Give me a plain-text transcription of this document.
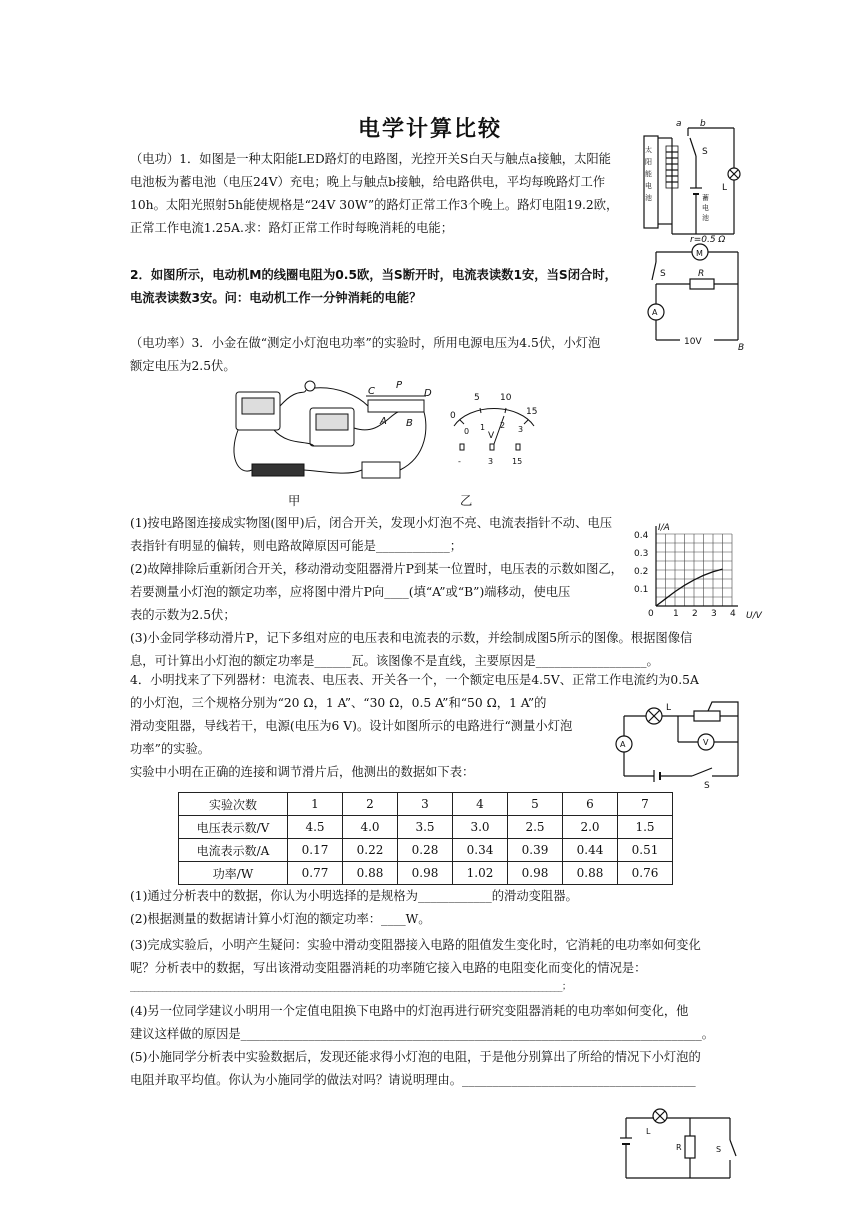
电学计算比较
（电功）1．如图是一种太阳能LED路灯的电路图，光控开关S白天与触点a接触，太阳能
电池板为蓄电池（电压24V）充电；晚上与触点b接触，给电路供电，平均每晚路灯工作
10h。太阳光照射5h能使规格是“24V 30W”的路灯正常工作3个晚上。路灯电阻19.2欧，
正常工作电流1.25A.求：路灯正常工作时每晚消耗的电能；
太
阳
能
电
池	蓄
电
池
a b
S
L
2．如图所示，电动机M的线圈电阻为0.5欧，当S断开时，电流表读数1安，当S闭合时，
电流表读数3安。问：电动机工作一分钟消耗的电能？
r=0.5 Ω
M
S	R
A
10V
B
（电功率）3．小金在做“测定小灯泡电功率”的实验时，所用电源电压为4.5伏，小灯泡
额定电压为2.5伏。
C
P
D
A B
甲
0
5 10
15
0 1 2 3
V
-	3 15
乙
(1)按电路图连接成实物图(图甲)后，闭合开关，发现小灯泡不亮、电流表指针不动、电压
表指针有明显的偏转，则电路故障原因可能是____________；
(2)故障排除后重新闭合开关，移动滑动变阻器滑片P到某一位置时，电压表的示数如图乙，
若要测量小灯泡的额定功率，应将图中滑片P向____(填“A”或“B”)端移动，使电压
表的示数为2.5伏；
(3)小金同学移动滑片P，记下多组对应的电压表和电流表的示数，并绘制成图5所示的图像。根据图像信
息，可计算出小灯泡的额定功率是______瓦。该图像不是直线，主要原因是__________________。
I/A
U/V
0.4
0.3
0.2
0.1
0 1 2 3 4
4．小明找来了下列器材：电流表、电压表、开关各一个，一个额定电压是4.5V、正常工作电流约为0.5A
的小灯泡，三个规格分别为“20 Ω，1 A”、“30 Ω，0.5 A”和“50 Ω，1 A”的
滑动变阻器，导线若干，电源(电压为6 V)。设计如图所示的电路进行“测量小灯泡
功率”的实验。
实验中小明在正确的连接和调节滑片后，他测出的数据如下表：
L
A	V
S
实验次数	1	2	3	4	5	6	7
电压表示数/V	4.5	4.0	3.5	3.0	2.5	2.0	1.5
电流表示数/A	0.17	0.22	0.28	0.34	0.39	0.44	0.51
功率/W	0.77	0.88	0.98	1.02	0.98	0.88	0.76
(1)通过分析表中的数据，你认为小明选择的是规格为____________的滑动变阻器。
(2)根据测量的数据请计算小灯泡的额定功率：____W。
(3)完成实验后，小明产生疑问：实验中滑动变阻器接入电路的阻值发生变化时，它消耗的电功率如何变化
呢？分析表中的数据，写出该滑动变阻器消耗的功率随它接入电路的电阻变化而变化的情况是：
____________________________________________________________________________________________________________；
(4)另一位同学建议小明用一个定值电阻换下电路中的灯泡再进行研究变阻器消耗的电功率如何变化，他
建议这样做的原因是___________________________________________________________________________。
(5)小施同学分析表中实验数据后，发现还能求得小灯泡的电阻，于是他分别算出了所给的情况下小灯泡的
电阻并取平均值。你认为小施同学的做法对吗？请说明理由。______________________________________
L
R	S
